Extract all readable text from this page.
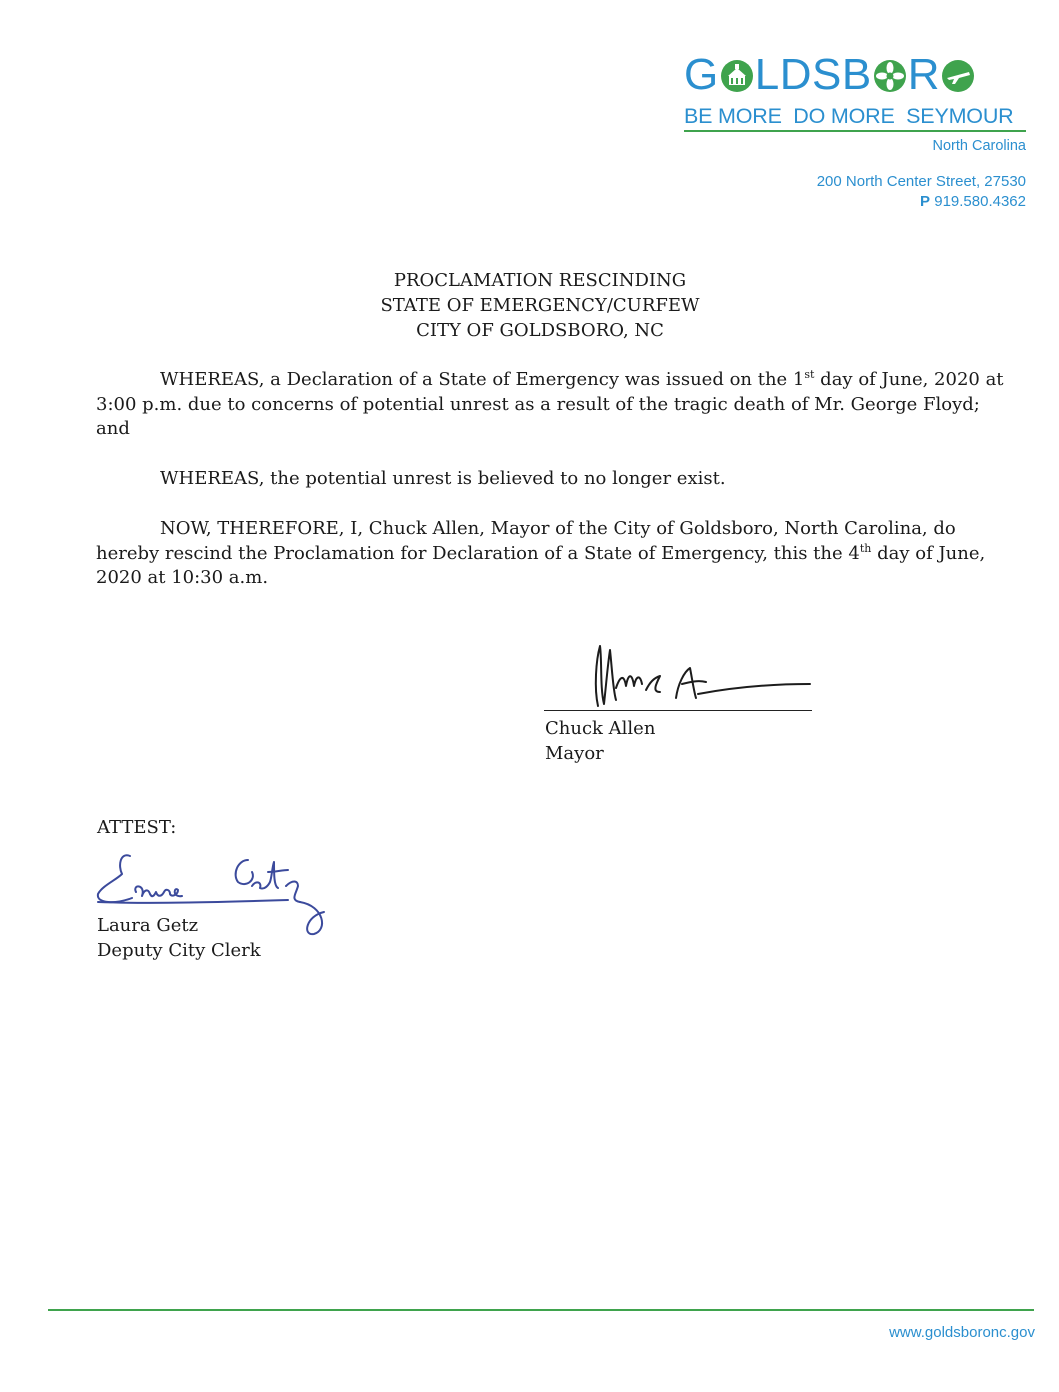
G LDSB R
BE MORE  DO MORE  SEYMOUR
North Carolina
200 North Center Street, 27530
P 919.580.4362
PROCLAMATION RESCINDING
STATE OF EMERGENCY/CURFEW
CITY OF GOLDSBORO, NC
WHEREAS, a Declaration of a State of Emergency was issued on the 1st day of June, 2020 at
3:00 p.m. due to concerns of potential unrest as a result of the tragic death of Mr. George Floyd;
and
WHEREAS, the potential unrest is believed to no longer exist.
NOW, THEREFORE, I, Chuck Allen, Mayor of the City of Goldsboro, North Carolina, do
hereby rescind the Proclamation for Declaration of a State of Emergency, this the 4th day of June,
2020 at 10:30 a.m.
Chuck Allen
Mayor
ATTEST:
Laura Getz
Deputy City Clerk
www.goldsboronc.gov
